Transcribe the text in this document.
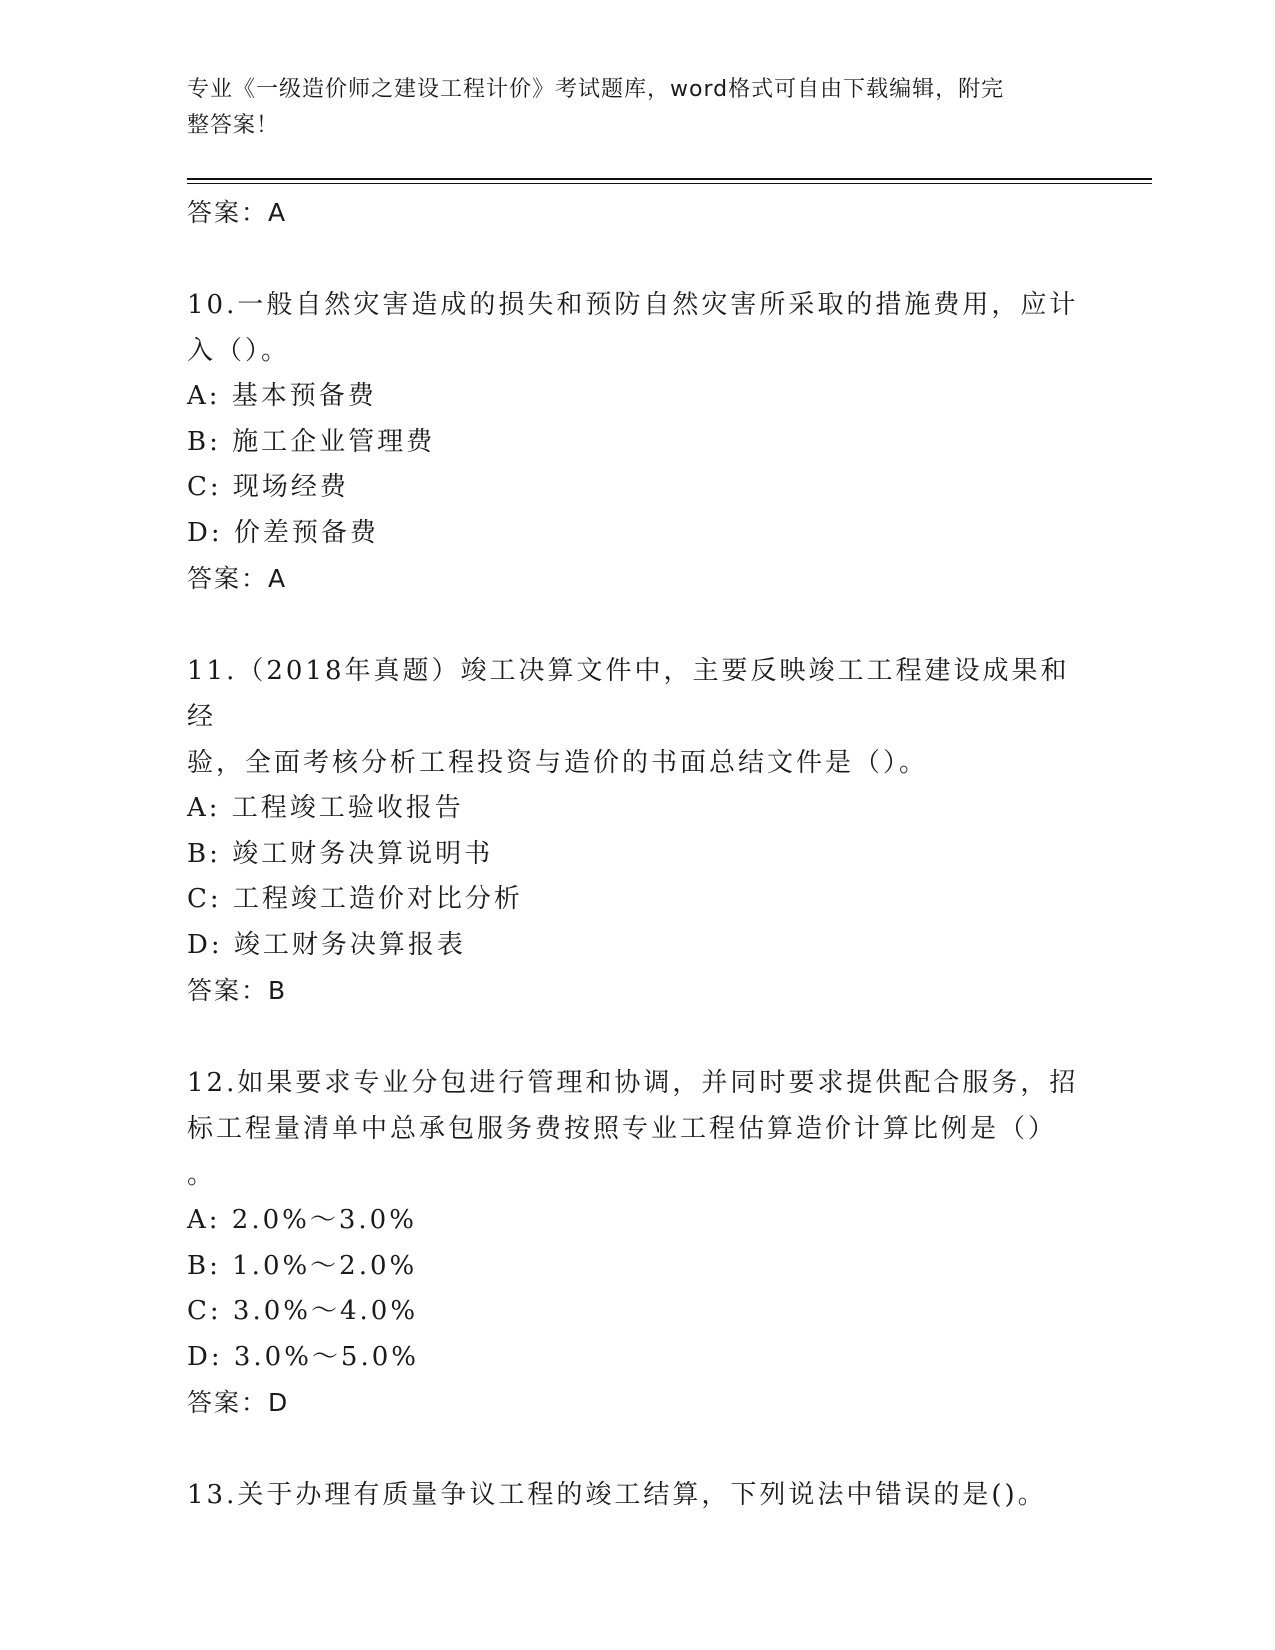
专业《一级造价师之建设工程计价》考试题库，word格式可自由下载编辑，附完
整答案！

答案：A

10.一般自然灾害造成的损失和预防自然灾害所采取的措施费用，应计

入（）。

A: 基本预备费

B: 施工企业管理费

C: 现场经费

D: 价差预备费

答案：A

11.（2018年真题）竣工决算文件中，主要反映竣工工程建设成果和经

验，全面考核分析工程投资与造价的书面总结文件是（）。

A: 工程竣工验收报告

B: 竣工财务决算说明书

C: 工程竣工造价对比分析

D: 竣工财务决算报表

答案：B

12.如果要求专业分包进行管理和协调，并同时要求提供配合服务，招

标工程量清单中总承包服务费按照专业工程估算造价计算比例是（）

。

A: 2.0%～3.0%

B: 1.0%～2.0%

C: 3.0%～4.0%

D: 3.0%～5.0%

答案：D

13.关于办理有质量争议工程的竣工结算，下列说法中错误的是()。
